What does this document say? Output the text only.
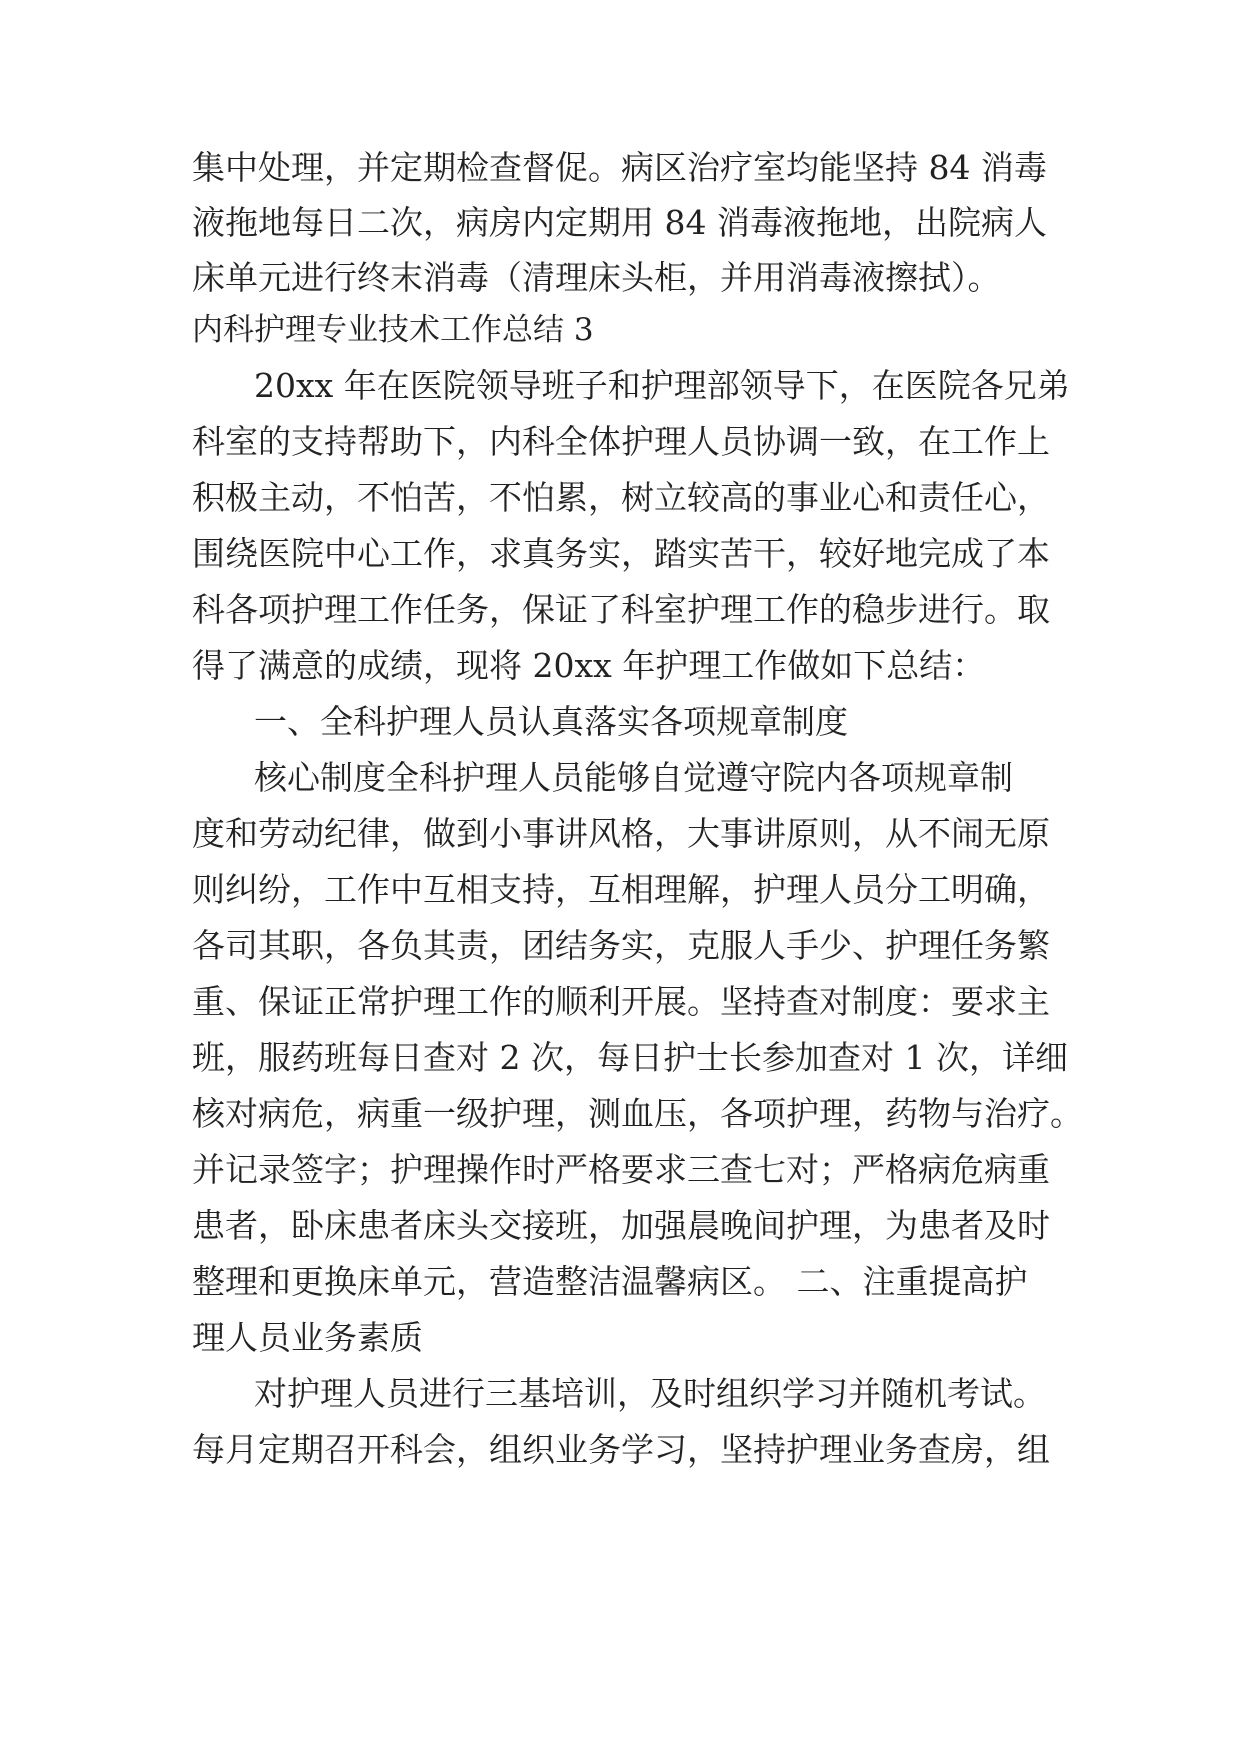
集中处理，并定期检查督促。病区治疗室均能坚持 84 消毒
液拖地每日二次，病房内定期用 84 消毒液拖地，出院病人
床单元进行终末消毒（清理床头柜，并用消毒液擦拭）。
内科护理专业技术工作总结 3
20xx 年在医院领导班子和护理部领导下，在医院各兄弟
科室的支持帮助下，内科全体护理人员协调一致，在工作上
积极主动，不怕苦，不怕累，树立较高的事业心和责任心，
围绕医院中心工作，求真务实，踏实苦干，较好地完成了本
科各项护理工作任务，保证了科室护理工作的稳步进行。取
得了满意的成绩，现将 20xx 年护理工作做如下总结：
一、全科护理人员认真落实各项规章制度
核心制度全科护理人员能够自觉遵守院内各项规章制
度和劳动纪律，做到小事讲风格，大事讲原则，从不闹无原
则纠纷，工作中互相支持，互相理解，护理人员分工明确，
各司其职，各负其责，团结务实，克服人手少、护理任务繁
重、保证正常护理工作的顺利开展。坚持查对制度：要求主
班，服药班每日查对 2 次，每日护士长参加查对 1 次，详细
核对病危，病重一级护理，测血压，各项护理，药物与治疗。
并记录签字；护理操作时严格要求三查七对；严格病危病重
患者，卧床患者床头交接班，加强晨晚间护理，为患者及时
整理和更换床单元，营造整洁温馨病区。 二、注重提高护
理人员业务素质
对护理人员进行三基培训，及时组织学习并随机考试。
每月定期召开科会，组织业务学习，坚持护理业务查房，组
